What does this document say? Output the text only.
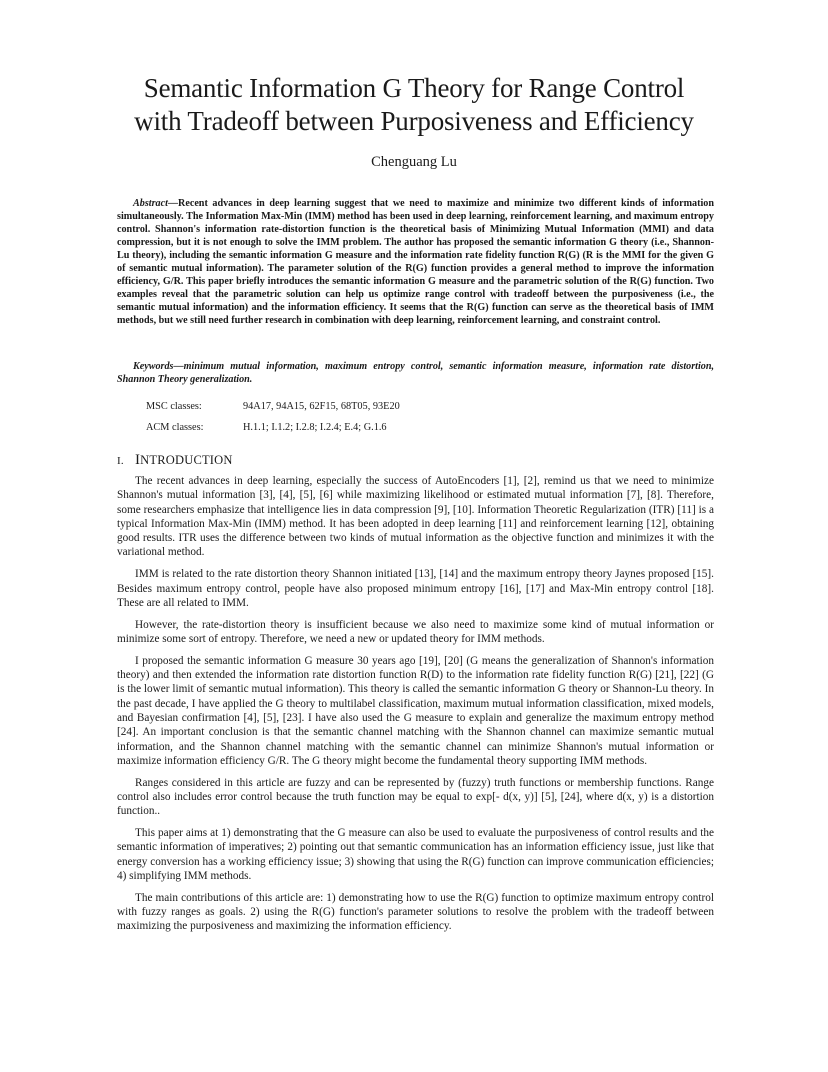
Semantic Information G Theory for Range Control
with Tradeoff between Purposiveness and Efficiency
Chenguang Lu

Abstract—Recent advances in deep learning suggest that we need to maximize and minimize two different kinds of information simultaneously. The Information Max-Min (IMM) method has been used in deep learning, reinforcement learning, and maximum entropy control. Shannon's information rate-distortion function is the theoretical basis of Minimizing Mutual Information (MMI) and data compression, but it is not enough to solve the IMM problem. The author has proposed the semantic information G theory (i.e., Shannon-Lu theory), including the semantic information G measure and the information rate fidelity function R(G) (R is the MMI for the given G of semantic mutual information). The parameter solution of the R(G) function provides a general method to improve the information efficiency, G/R. This paper briefly introduces the semantic information G measure and the parametric solution of the R(G) function. Two examples reveal that the parametric solution can help us optimize range control with tradeoff between the purposiveness (i.e., the semantic mutual information) and the information efficiency. It seems that the R(G) function can serve as the theoretical basis of IMM methods, but we still need further research in combination with deep learning, reinforcement learning, and constraint control.

Keywords—minimum mutual information, maximum entropy control, semantic information measure, information rate distortion, Shannon Theory generalization.

MSC classes:	94A17, 94A15, 62F15, 68T05, 93E20
ACM classes:	H.1.1; I.1.2; I.2.8; I.2.4; E.4; G.1.6
I. INTRODUCTION

The recent advances in deep learning, especially the success of AutoEncoders [1], [2], remind us that we need to minimize Shannon's mutual information [3], [4], [5], [6] while maximizing likelihood or estimated mutual information [7], [8]. Therefore, some researchers emphasize that intelligence lies in data compression [9], [10]. Information Theoretic Regularization (ITR) [11] is a typical Information Max-Min (IMM) method. It has been adopted in deep learning [11] and reinforcement learning [12], obtaining good results. ITR uses the difference between two kinds of mutual information as the objective function and minimizes it with the variational method.

IMM is related to the rate distortion theory Shannon initiated [13], [14] and the maximum entropy theory Jaynes proposed [15]. Besides maximum entropy control, people have also proposed minimum entropy [16], [17] and Max-Min entropy control [18]. These are all related to IMM.

However, the rate-distortion theory is insufficient because we also need to maximize some kind of mutual information or minimize some sort of entropy. Therefore, we need a new or updated theory for IMM methods.

I proposed the semantic information G measure 30 years ago [19], [20] (G means the generalization of Shannon's information theory) and then extended the information rate distortion function R(D) to the information rate fidelity function R(G) [21], [22] (G is the lower limit of semantic mutual information). This theory is called the semantic information G theory or Shannon-Lu theory. In the past decade, I have applied the G theory to multilabel classification, maximum mutual information classification, mixed models, and Bayesian confirmation [4], [5], [23]. I have also used the G measure to explain and generalize the maximum entropy method [24]. An important conclusion is that the semantic channel matching with the Shannon channel can maximize semantic mutual information, and the Shannon channel matching with the semantic channel can minimize Shannon's mutual information or maximize information efficiency G/R. The G theory might become the fundamental theory supporting IMM methods.

Ranges considered in this article are fuzzy and can be represented by (fuzzy) truth functions or membership functions. Range control also includes error control because the truth function may be equal to exp[- d(x, y)] [5], [24], where d(x, y) is a distortion function..

This paper aims at 1) demonstrating that the G measure can also be used to evaluate the purposiveness of control results and the semantic information of imperatives; 2) pointing out that semantic communication has an information efficiency issue, just like that energy conversion has a working efficiency issue; 3) showing that using the R(G) function can improve communication efficiencies; 4) simplifying IMM methods.

The main contributions of this article are: 1) demonstrating how to use the R(G) function to optimize maximum entropy control with fuzzy ranges as goals. 2) using the R(G) function's parameter solutions to resolve the problem with the tradeoff between maximizing the purposiveness and maximizing the information efficiency.
